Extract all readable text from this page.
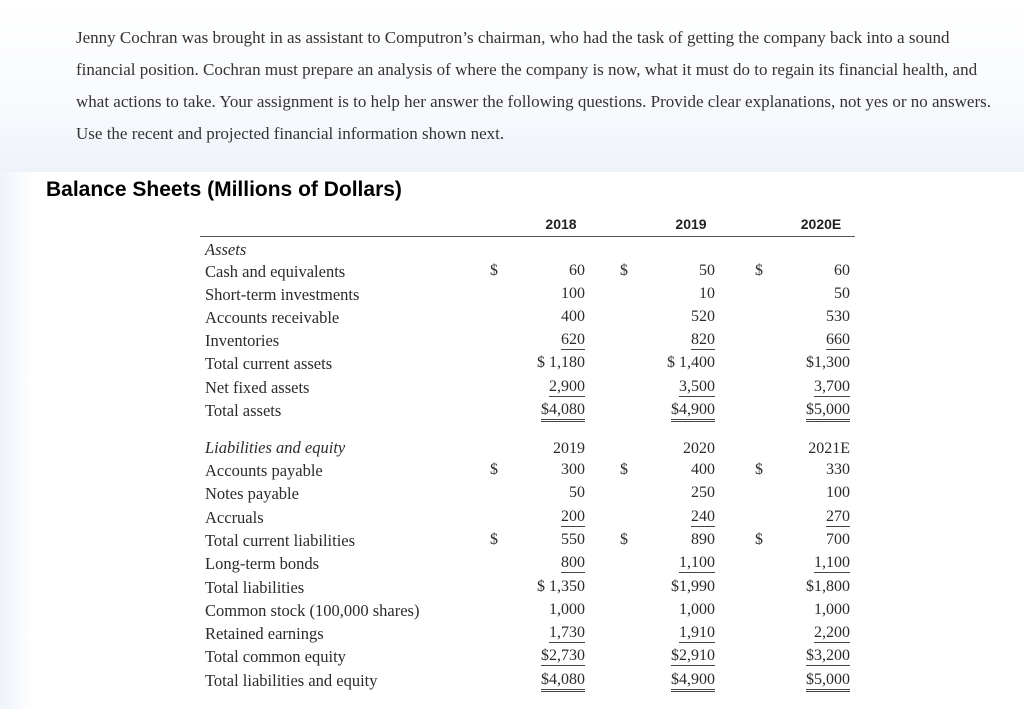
Jenny Cochran was brought in as assistant to Computron’s chairman, who had the task of getting the company back into a sound financial position. Cochran must prepare an analysis of where the company is now, what it must do to regain its financial health, and what actions to take. Your assignment is to help her answer the following questions. Provide clear explanations, not yes or no answers. Use the recent and projected financial information shown next.

Balance Sheets (Millions of Dollars)
2018	2019	2020E
Assets
Cash and equivalents	$	60 $	50	$	60
Short-term investments	100	10	50
Accounts receivable	400	520	530
Inventories	620	820	660
Total current assets	$ 1,180	$ 1,400	$1,300
Net fixed assets	2,900	3,500	3,700
Total assets	$4,080	$4,900	$5,000
Liabilities and equity	2019	2020	2021E
Accounts payable	$	300 $	400	$	330
Notes payable	50	250	100
Accruals	200	240	270
Total current liabilities	$	550 $	890	$	700
Long-term bonds	800	1,100	1,100
Total liabilities	$ 1,350	$1,990	$1,800
Common stock (100,000 shares)	1,000	1,000	1,000
Retained earnings	1,730	1,910	2,200
Total common equity	$2,730	$2,910	$3,200
Total liabilities and equity	$4,080	$4,900	$5,000
